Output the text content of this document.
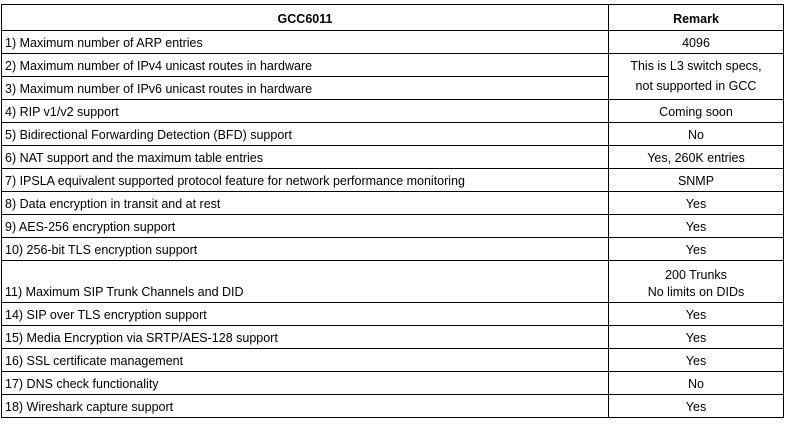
GCC6011	Remark
1) Maximum number of ARP entries	4096

2) Maximum number of IPv4 unicast routes in hardware	This is L3 switch specs,
not supported in GCC

3) Maximum number of IPv6 unicast routes in hardware	
4) RIP v1/v2 support	Coming soon

5) Bidirectional Forwarding Detection (BFD) support	No

6) NAT support and the maximum table entries	Yes, 260K entries

7) IPSLA equivalent supported protocol feature for network performance monitoring	SNMP

8) Data encryption in transit and at rest	Yes

9) AES-256 encryption support	Yes

10) 256-bit TLS encryption support	Yes

11) Maximum SIP Trunk Channels and DID	200 Trunks
No limits on DIDs

14) SIP over TLS encryption support	Yes

15) Media Encryption via SRTP/AES-128 support	Yes

16) SSL certificate management	Yes

17) DNS check functionality	No

18) Wireshark capture support	Yes
